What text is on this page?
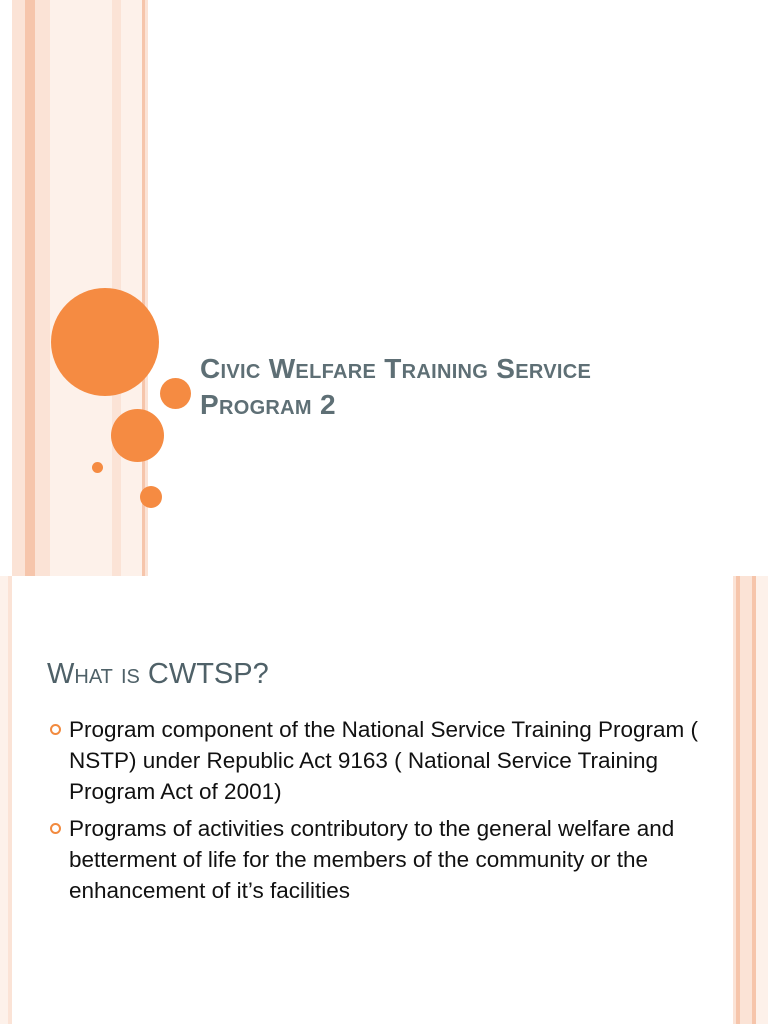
Civic Welfare Training Service
Program 2
What is CWTSP?
Program component of the National Service Training Program ( NSTP) under Republic Act 9163 ( National Service Training Program Act of 2001)
Programs of activities contributory to the general welfare and betterment of life for the members of the community or the enhancement of it’s facilities
